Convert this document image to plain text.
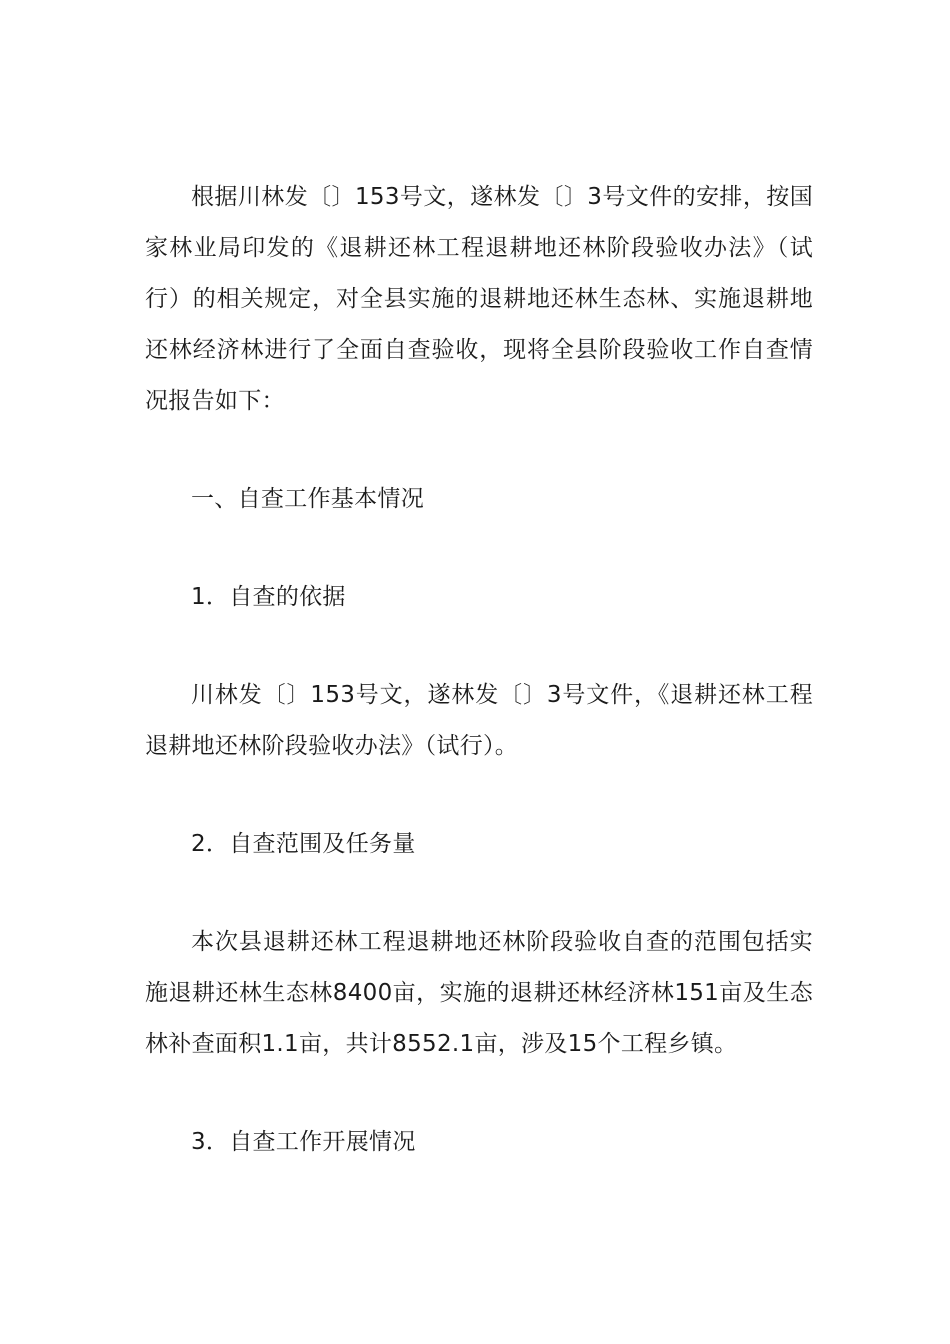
根据川林发〔〕153号文，遂林发〔〕3号文件的安排，按国家林业局印发的《退耕还林工程退耕地还林阶段验收办法》（试行）的相关规定，对全县实施的退耕地还林生态林、实施退耕地还林经济林进行了全面自查验收，现将全县阶段验收工作自查情况报告如下：

一、自查工作基本情况

1．自查的依据

川林发〔〕153号文，遂林发〔〕3号文件，《退耕还林工程退耕地还林阶段验收办法》（试行）。

2．自查范围及任务量

本次县退耕还林工程退耕地还林阶段验收自查的范围包括实施退耕还林生态林8400亩，实施的退耕还林经济林151亩及生态林补查面积1.1亩，共计8552.1亩，涉及15个工程乡镇。

3．自查工作开展情况
